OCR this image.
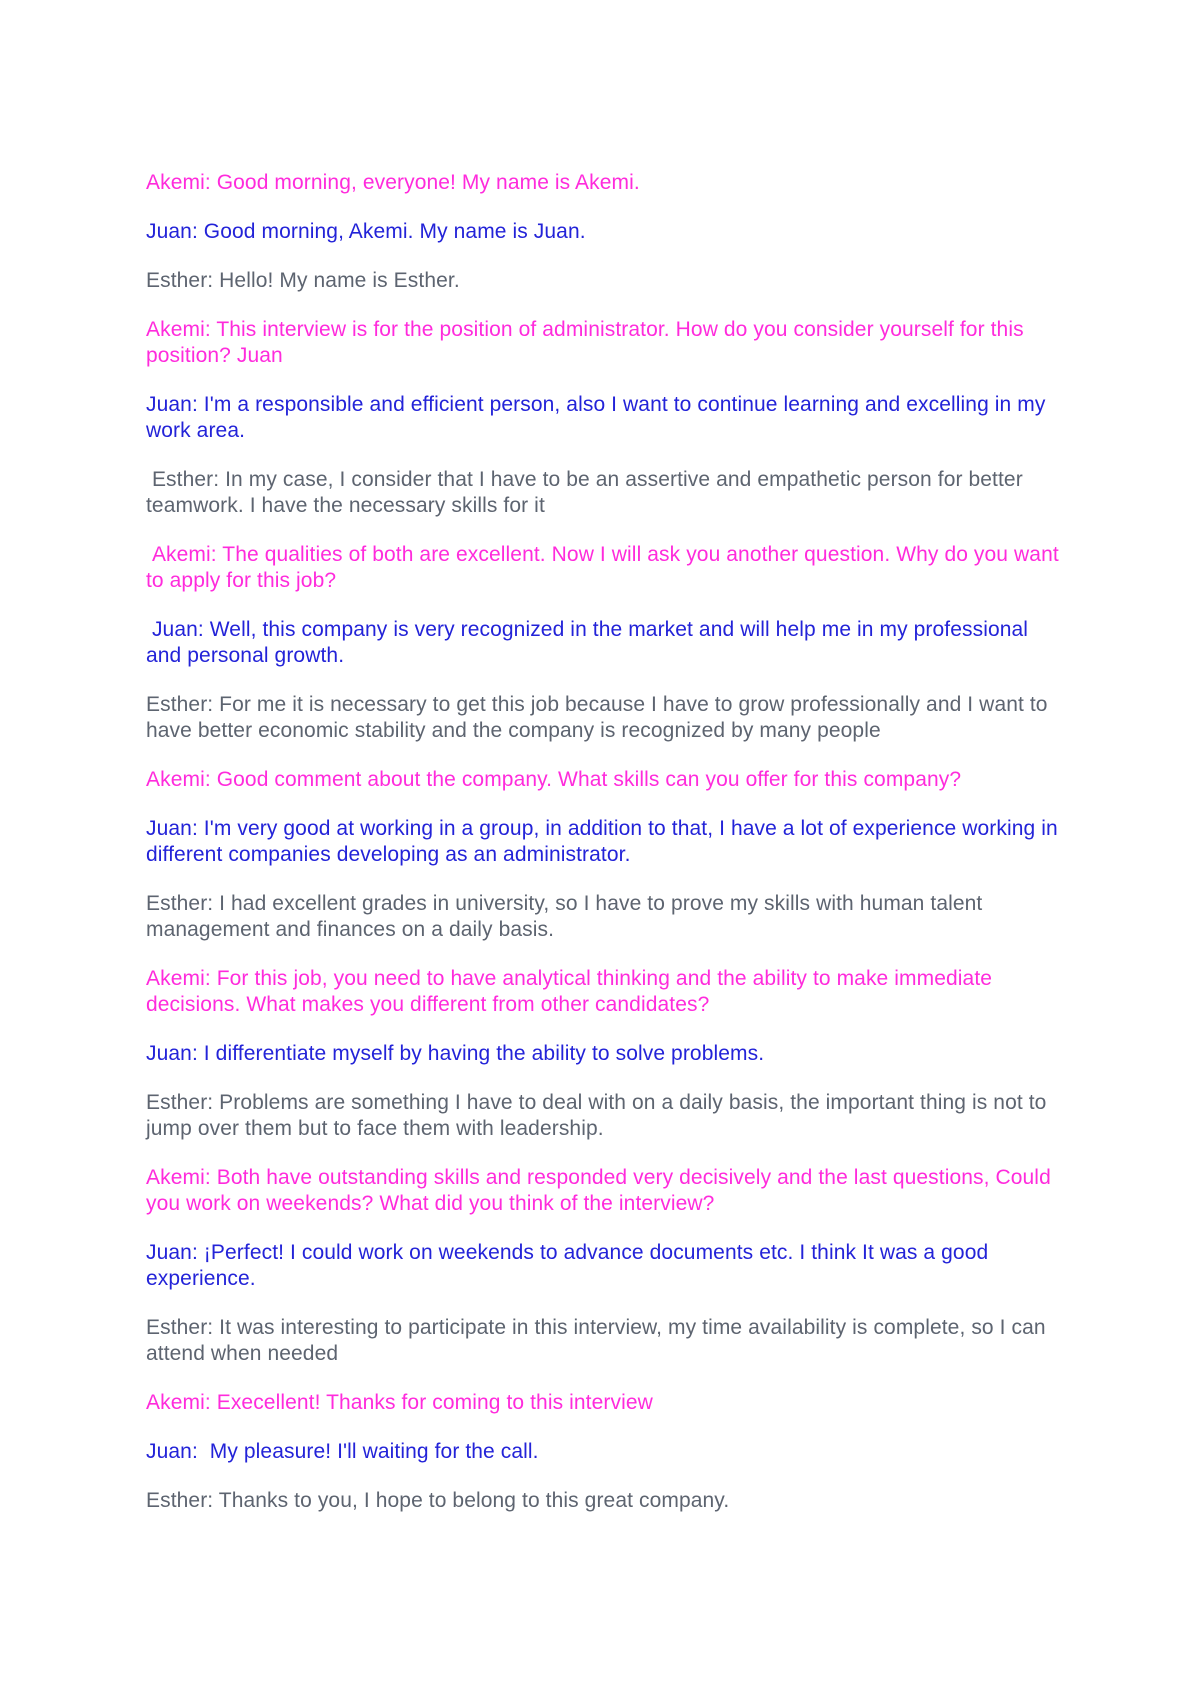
Akemi: Good morning, everyone! My name is Akemi.

Juan: Good morning, Akemi. My name is Juan.

Esther: Hello! My name is Esther.

Akemi: This interview is for the position of administrator. How do you consider yourself for this position? Juan

Juan: I'm a responsible and efficient person, also I want to continue learning and excelling in my work area.

Esther: In my case, I consider that I have to be an assertive and empathetic person for better teamwork. I have the necessary skills for it

Akemi: The qualities of both are excellent. Now I will ask you another question. Why do you want to apply for this job?

Juan: Well, this company is very recognized in the market and will help me in my professional and personal growth.

Esther: For me it is necessary to get this job because I have to grow professionally and I want to have better economic stability and the company is recognized by many people

Akemi: Good comment about the company. What skills can you offer for this company?

Juan: I'm very good at working in a group, in addition to that, I have a lot of experience working in different companies developing as an administrator.

Esther: I had excellent grades in university, so I have to prove my skills with human talent management and finances on a daily basis.

Akemi: For this job, you need to have analytical thinking and the ability to make immediate decisions. What makes you different from other candidates?

Juan: I differentiate myself by having the ability to solve problems.

Esther: Problems are something I have to deal with on a daily basis, the important thing is not to jump over them but to face them with leadership.

Akemi: Both have outstanding skills and responded very decisively and the last questions, Could you work on weekends? What did you think of the interview?

Juan: ¡Perfect! I could work on weekends to advance documents etc. I think It was a good experience.

Esther: It was interesting to participate in this interview, my time availability is complete, so I can attend when needed

Akemi: Execellent! Thanks for coming to this interview

Juan:  My pleasure! I'll waiting for the call.

Esther: Thanks to you, I hope to belong to this great company.
